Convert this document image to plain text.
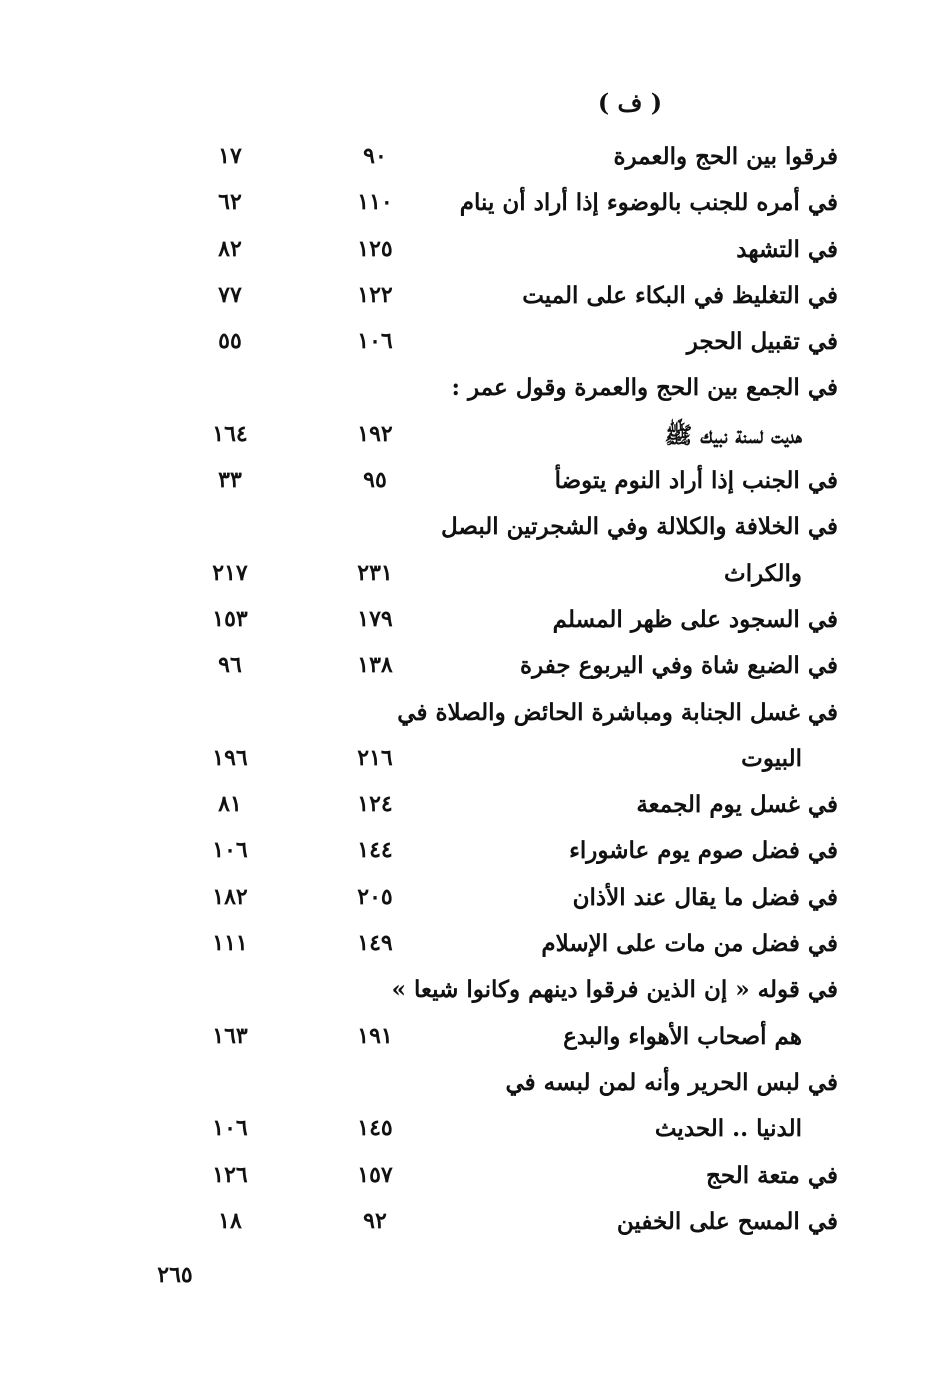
( ف )
فرقوا بين الحج والعمرة
٩٠
١٧
في أمره للجنب بالوضوء إذا أراد أن ينام
١١٠
٦٢
في التشهد
١٢٥
٨٢
في التغليظ في البكاء على الميت
١٢٢
٧٧
في تقبيل الحجر
١٠٦
٥٥
في الجمع بين الحج والعمرة وقول عمر :
هديت لسنة نبيك ﷺ
١٩٢
١٦٤
في الجنب إذا أراد النوم يتوضأ
٩٥
٣٣
في الخلافة والكلالة وفي الشجرتين البصل
والكراث
٢٣١
٢١٧
في السجود على ظهر المسلم
١٧٩
١٥٣
في الضبع شاة وفي اليربوع جفرة
١٣٨
٩٦
في غسل الجنابة ومباشرة الحائض والصلاة في
البيوت
٢١٦
١٩٦
في غسل يوم الجمعة
١٢٤
٨١
في فضل صوم يوم عاشوراء
١٤٤
١٠٦
في فضل ما يقال عند الأذان
٢٠٥
١٨٢
في فضل من مات على الإسلام
١٤٩
١١١
في قوله « إن الذين فرقوا دينهم وكانوا شيعا »
هم أصحاب الأهواء والبدع
١٩١
١٦٣
في لبس الحرير وأنه لمن لبسه في
الدنيا .. الحديث
١٤٥
١٠٦
في متعة الحج
١٥٧
١٢٦
في المسح على الخفين
٩٢
١٨
٢٦٥
